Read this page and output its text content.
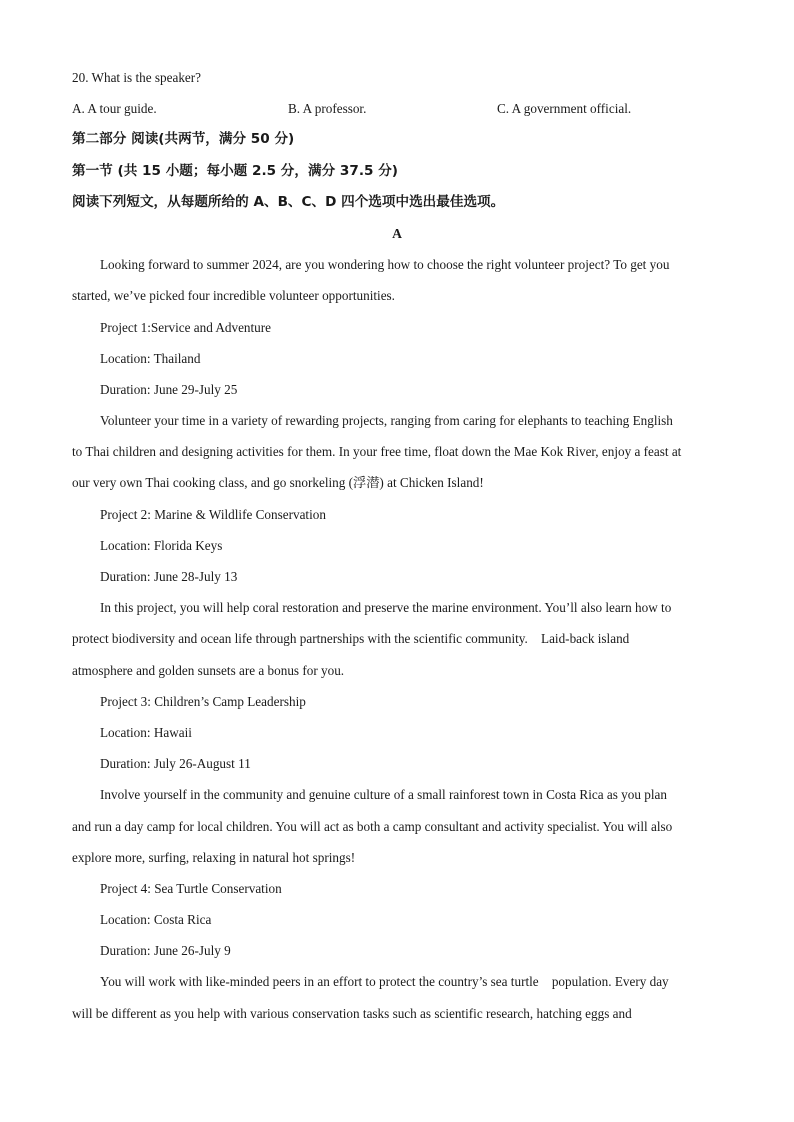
20. What is the speaker?
A. A tour guide.	B. A professor.	C. A government official.
第二部分 阅读(共两节，满分 50 分)
第一节 (共 15 小题；每小题 2.5 分，满分 37.5 分)
阅读下列短文，从每题所给的 A、B、C、D 四个选项中选出最佳选项。
A
Looking forward to summer 2024, are you wondering how to choose the right volunteer project? To get you
started, we’ve picked four incredible volunteer opportunities.
Project 1:Service and Adventure
Location: Thailand
Duration: June 29-July 25
Volunteer your time in a variety of rewarding projects, ranging from caring for elephants to teaching English
to Thai children and designing activities for them. In your free time, float down the Mae Kok River, enjoy a feast at
our very own Thai cooking class, and go snorkeling (浮潜) at Chicken Island!
Project 2: Marine & Wildlife Conservation
Location: Florida Keys
Duration: June 28-July 13
In this project, you will help coral restoration and preserve the marine environment. You’ll also learn how to
protect biodiversity and ocean life through partnerships with the scientific community.    Laid-back island
atmosphere and golden sunsets are a bonus for you.
Project 3: Children’s Camp Leadership
Location: Hawaii
Duration: July 26-August 11
Involve yourself in the community and genuine culture of a small rainforest town in Costa Rica as you plan
and run a day camp for local children. You will act as both a camp consultant and activity specialist. You will also
explore more, surfing, relaxing in natural hot springs!
Project 4: Sea Turtle Conservation
Location: Costa Rica
Duration: June 26-July 9
You will work with like-minded peers in an effort to protect the country’s sea turtle    population. Every day
will be different as you help with various conservation tasks such as scientific research, hatching eggs and
